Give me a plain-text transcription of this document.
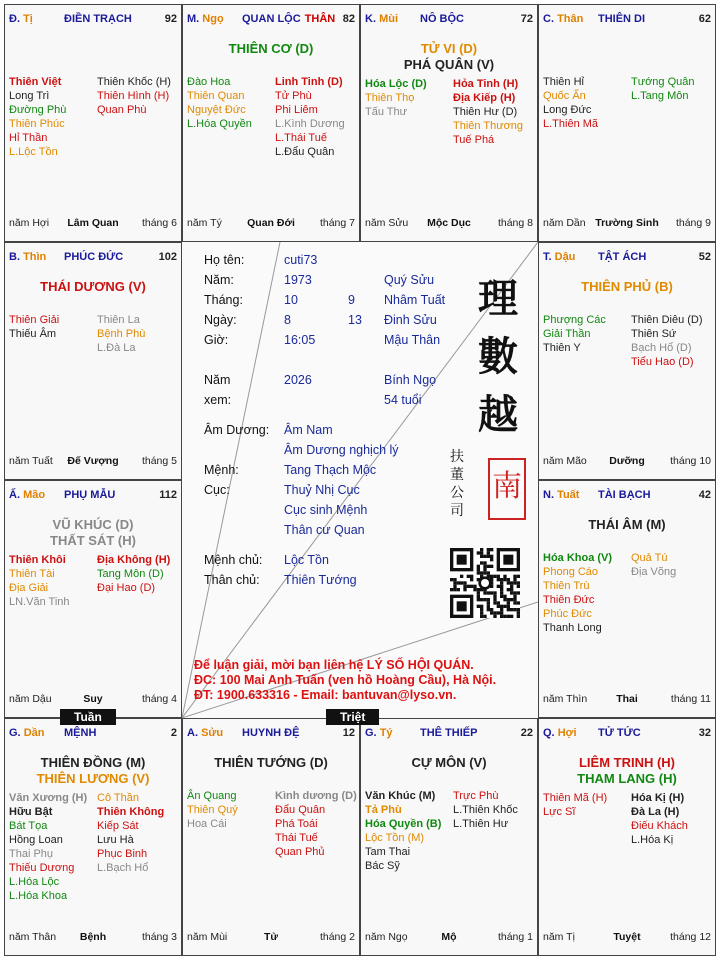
Đ. Tị	ĐIỀN TRẠCH	92
Thiên Việt
Long Trì
Đường Phù
Thiên Phúc
Hỉ Thần
L.Lộc Tồn
Thiên Khốc (H)
Thiên Hình (H)
Quan Phù
năm Hợi Lâm Quan tháng 6
M. Ngọ QUAN LỘC THÂN 82
THIÊN CƠ (D)
Đào Hoa
Thiên Quan
Nguyệt Đức
L.Hóa Quyền
Linh Tinh (D)
Tử Phù
Phi Liêm
L.Kình Dương
L.Thái Tuế
L.Đẩu Quân
năm Tý Quan Đới tháng 7
K. Mùi NÔ BỘC	72
TỬ VI (D)
PHÁ QUÂN (V)
Hóa Lộc (D)
Thiên Thọ
Tấu Thư
Hỏa Tinh (H)
Địa Kiếp (H)
Thiên Hư (D)
Thiên Thương
Tuế Phá
năm Sửu Mộc Dục	tháng 8
C. Thân THIÊN DI	62
Thiên Hỉ
Quốc Ấn
Long Đức
L.Thiên Mã
Tướng Quân
L.Tang Môn
năm Dần Trường Sinh tháng 9
B. Thìn PHÚC ĐỨC	102
THÁI DƯƠNG (V)
Thiên Giải
Thiếu Âm
Thiên La
Bệnh Phù
L.Đà La
năm Tuất Đế Vượng tháng 5
T. Dậu TẬT ÁCH	52
THIÊN PHỦ (B)
Phượng Các
Giải Thần
Thiên Y
Thiên Diêu (D)
Thiên Sứ
Bạch Hổ (D)
Tiểu Hao (D)
năm Mão Dưỡng tháng 10
Ấ. Mão PHỤ MẪU	112
VŨ KHÚC (D)
THẤT SÁT (H)
Thiên Khôi
Thiên Tài
Địa Giải
LN.Văn Tinh
Địa Không (H)
Tang Môn (D)
Đại Hao (D)
năm Dậu	Suy	tháng 4
N. Tuất TÀI BẠCH	42
THÁI ÂM (M)
Hóa Khoa (V)
Phong Cáo
Thiên Trù
Thiên Đức
Phúc Đức
Thanh Long
Quả Tú
Địa Võng
năm Thìn	Thai	tháng 11
G. Dần MỆNH	2
THIÊN ĐỒNG (M)
THIÊN LƯƠNG (V)
Văn Xương (H)
Hữu Bật
Bát Tọa
Hồng Loan
Thai Phụ
Thiếu Dương
L.Hóa Lộc
L.Hóa Khoa
Cô Thần
Thiên Không
Kiếp Sát
Lưu Hà
Phục Binh
L.Bạch Hổ
năm Thân Bệnh	tháng 3
A. Sửu HUYNH ĐỆ	12
THIÊN TƯỚNG (D)
Ân Quang
Thiên Quý
Hoa Cái
Kình dương (D)
Đẩu Quân
Phá Toái
Thái Tuế
Quan Phủ
năm Mùi	Tử	tháng 2
G. Tý THÊ THIẾP	22
CỰ MÔN (V)
Văn Khúc (M)
Tả Phù
Hóa Quyền (B)
Lộc Tồn (M)
Tam Thai
Bác Sỹ
Trực Phù
L.Thiên Khốc
L.Thiên Hư
năm Ngọ	Mộ	tháng 1
Q. Hợi TỬ TỨC	32
LIÊM TRINH (H)
THAM LANG (H)
Thiên Mã (H)
Lực Sĩ
Hóa Kị (H)
Đà La (H)
Điếu Khách
L.Hóa Kị
năm Tị	Tuyệt	tháng 12
Họ tên:	cuti73
Năm:	1973	Quý Sửu
Tháng:	10	9 Nhâm Tuất
Ngày:	8	13 Đinh Sửu
Giờ:	16:05	Mậu Thân
Năm xem:
2026	Bính Ngọ
54 tuổi
Âm Dương: Âm Nam
Âm Dương nghịch lý
Mệnh:	Tang Thạch Mộc
Cục:	Thuỷ Nhị Cục
Cục sinh Mệnh
Thân cư Quan
Mệnh chủ: Lộc Tồn
Thân chủ: Thiên Tướng
理
數
越
扶董公司
南
Để luận giải, mời bạn liên hệ LÝ SỐ HỘI QUÁN.
ĐC: 100 Mai Anh Tuấn (ven hồ Hoàng Cầu), Hà Nội.
ĐT: 1900.633316 - Email: bantuvan@lyso.vn.
Tuần	Triệt
